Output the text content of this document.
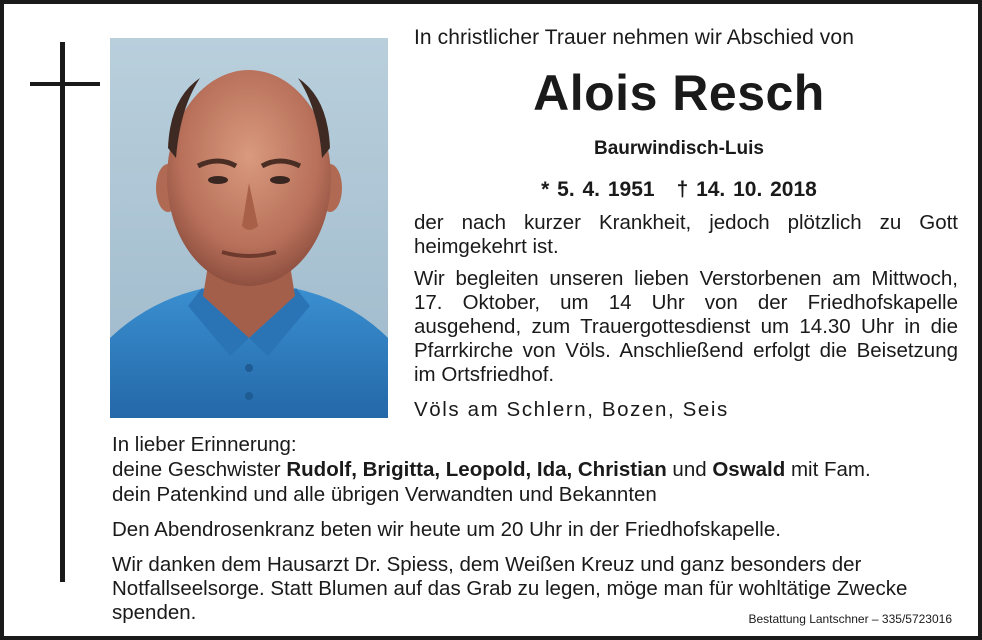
In christlicher Trauer nehmen wir Abschied von
Alois Resch
Baurwindisch-Luis
* 5. 4. 1951 † 14. 10. 2018
der nach kurzer Krankheit, jedoch plötzlich zu Gott heimgekehrt ist.
Wir begleiten unseren lieben Verstorbenen am Mittwoch, 17. Oktober, um 14 Uhr von der Friedhofskapelle ausgehend, zum Trauergottesdienst um 14.30 Uhr in die Pfarrkirche von Völs. Anschließend erfolgt die Beisetzung im Ortsfriedhof.
Völs am Schlern, Bozen, Seis
In lieber Erinnerung:
deine Geschwister Rudolf, Brigitta, Leopold, Ida, Christian und Oswald mit Fam.
dein Patenkind und alle übrigen Verwandten und Bekannten
Den Abendrosenkranz beten wir heute um 20 Uhr in der Friedhofskapelle.
Wir danken dem Hausarzt Dr. Spiess, dem Weißen Kreuz und ganz besonders der Notfallseelsorge. Statt Blumen auf das Grab zu legen, möge man für wohltätige Zwecke spenden.	Bestattung Lantschner – 335/5723016
